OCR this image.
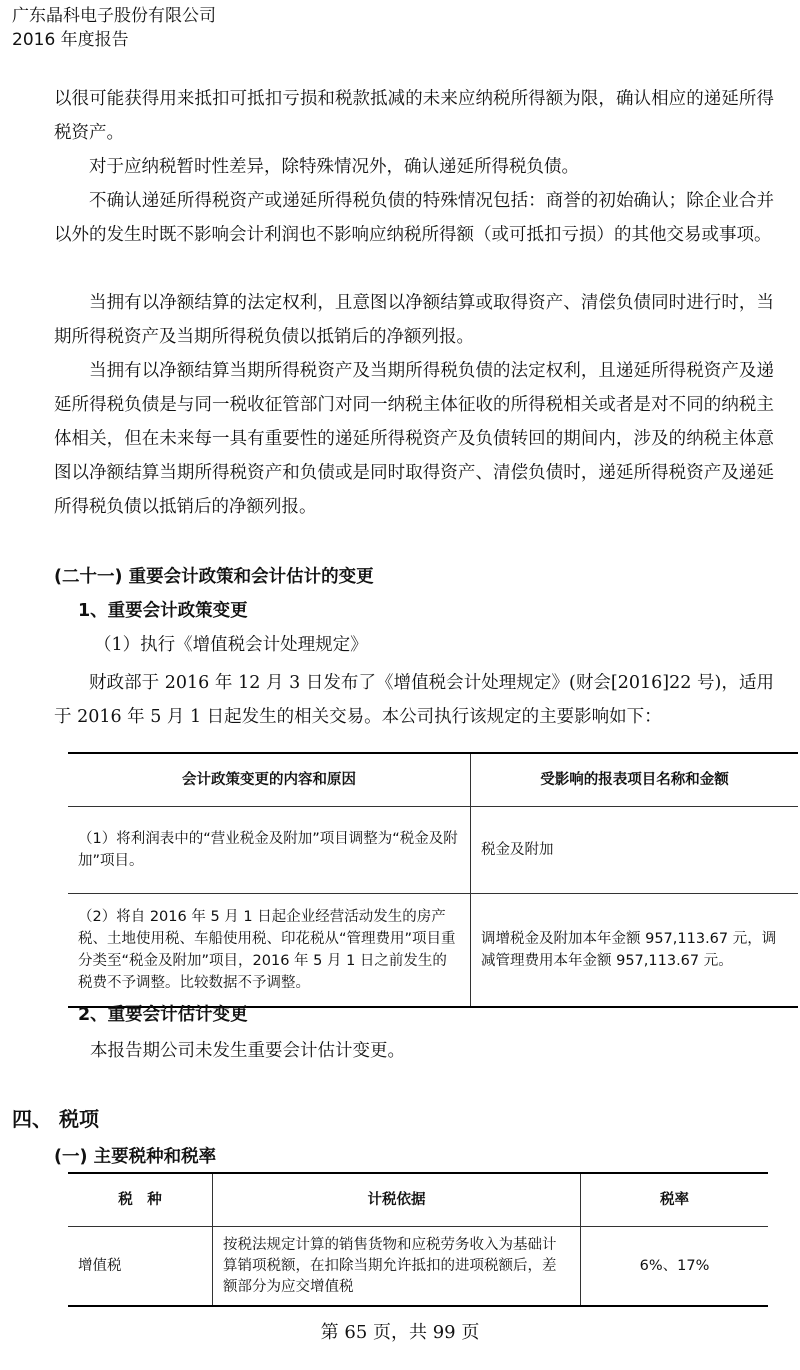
广东晶科电子股份有限公司
2016 年度报告

以很可能获得用来抵扣可抵扣亏损和税款抵减的未来应纳税所得额为限，确认相应的递延所得税资产。

对于应纳税暂时性差异，除特殊情况外，确认递延所得税负债。

不确认递延所得税资产或递延所得税负债的特殊情况包括：商誉的初始确认；除企业合并以外的发生时既不影响会计利润也不影响应纳税所得额（或可抵扣亏损）的其他交易或事项。

当拥有以净额结算的法定权利，且意图以净额结算或取得资产、清偿负债同时进行时，当期所得税资产及当期所得税负债以抵销后的净额列报。

当拥有以净额结算当期所得税资产及当期所得税负债的法定权利，且递延所得税资产及递延所得税负债是与同一税收征管部门对同一纳税主体征收的所得税相关或者是对不同的纳税主体相关，但在未来每一具有重要性的递延所得税资产及负债转回的期间内，涉及的纳税主体意图以净额结算当期所得税资产和负债或是同时取得资产、清偿负债时，递延所得税资产及递延所得税负债以抵销后的净额列报。

(二十一) 重要会计政策和会计估计的变更
1、重要会计政策变更
（1）执行《增值税会计处理规定》

财政部于 2016 年 12 月 3 日发布了《增值税会计处理规定》(财会[2016]22 号)，适用于 2016 年 5 月 1 日起发生的相关交易。本公司执行该规定的主要影响如下：

会计政策变更的内容和原因	受影响的报表项目名称和金额
（1）将利润表中的“营业税金及附加”项目调整为“税金及附加”项目。	税金及附加
（2）将自 2016 年 5 月 1 日起企业经营活动发生的房产税、土地使用税、车船使用税、印花税从“管理费用”项目重分类至“税金及附加”项目，2016 年 5 月 1 日之前发生的税费不予调整。比较数据不予调整。	调增税金及附加本年金额 957,113.67 元，调减管理费用本年金额 957,113.67 元。
2、重要会计估计变更
本报告期公司未发生重要会计估计变更。
四、 税项
(一) 主要税种和税率
税　种	计税依据	税率
增值税	按税法规定计算的销售货物和应税劳务收入为基础计算销项税额，在扣除当期允许抵扣的进项税额后，差额部分为应交增值税	6%、17%
第 65 页，共 99 页
